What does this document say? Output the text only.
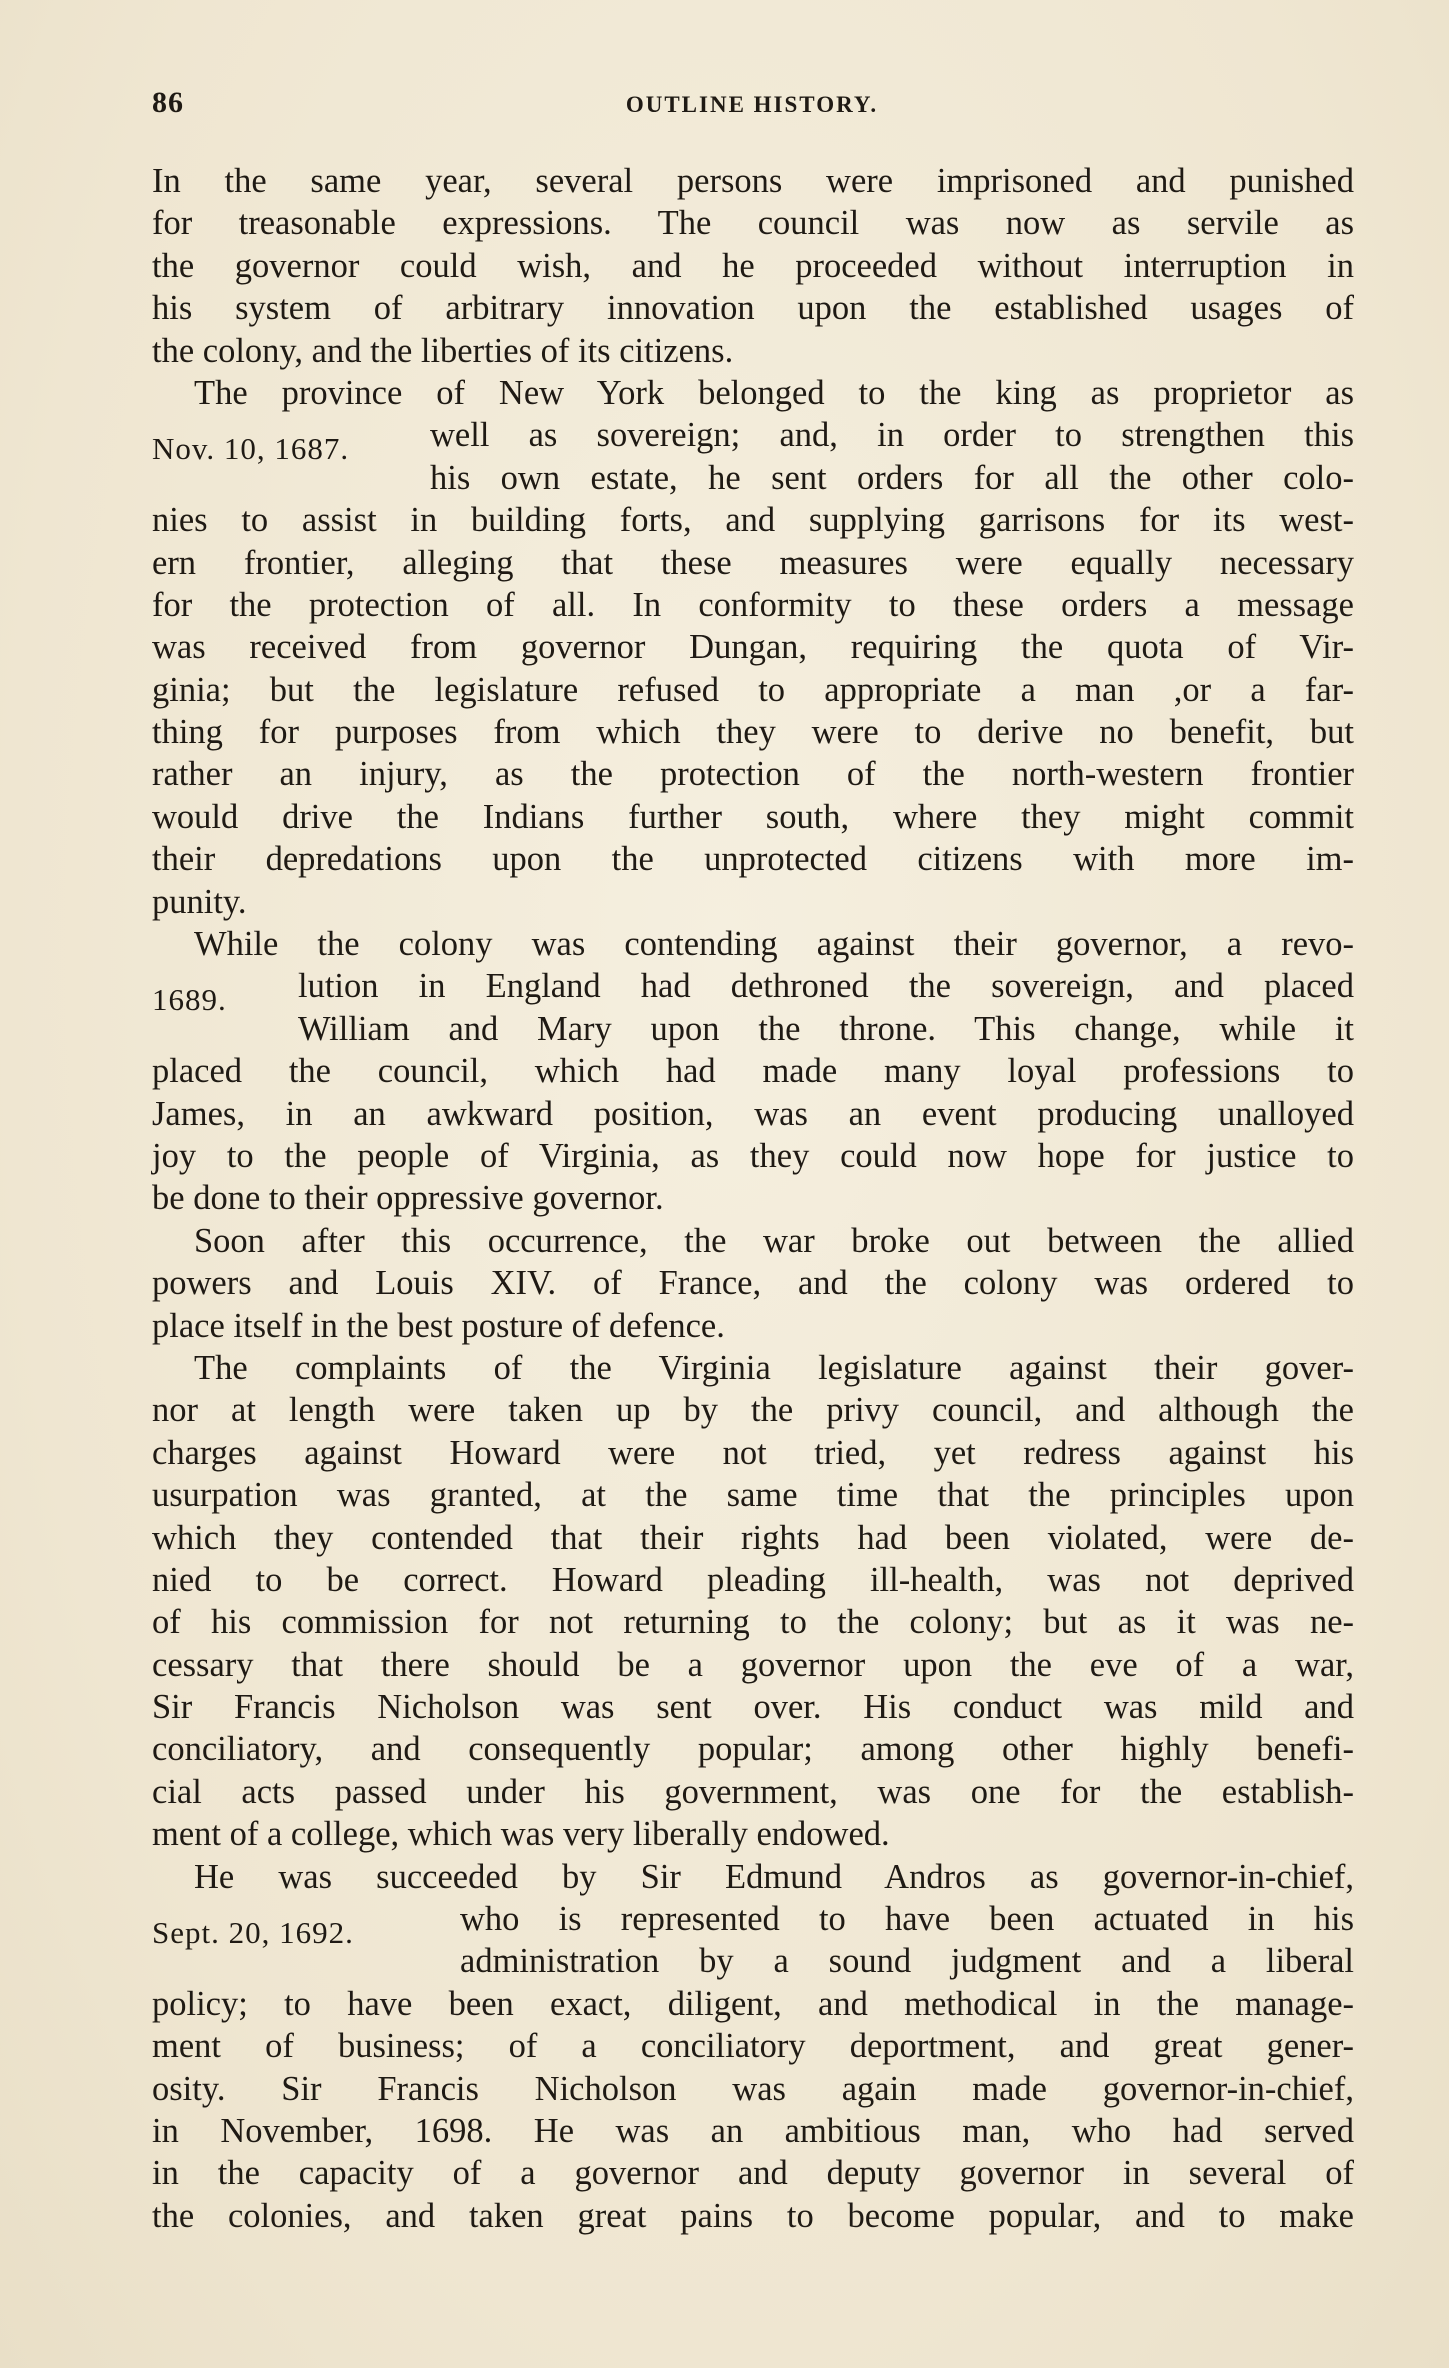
86	OUTLINE HISTORY.
In the same year, several persons were imprisoned and punished
for treasonable expressions. The council was now as servile as
the governor could wish, and he proceeded without interruption in
his system of arbitrary innovation upon the established usages of
the colony, and the liberties of its citizens.
The province of New York belonged to the king as proprietor as
Nov. 10, 1687. well as sovereign; and, in order to strengthen this
his own estate, he sent orders for all the other colo-
nies to assist in building forts, and supplying garrisons for its west-
ern frontier, alleging that these measures were equally necessary
for the protection of all. In conformity to these orders a message
was received from governor Dungan, requiring the quota of Vir-
ginia; but the legislature refused to appropriate a man ,or a far-
thing for purposes from which they were to derive no benefit, but
rather an injury, as the protection of the north-western frontier
would drive the Indians further south, where they might commit
their depredations upon the unprotected citizens with more im-
punity.
While the colony was contending against their governor, a revo-
1689. lution in England had dethroned the sovereign, and placed
William and Mary upon the throne. This change, while it
placed the council, which had made many loyal professions to
James, in an awkward position, was an event producing unalloyed
joy to the people of Virginia, as they could now hope for justice to
be done to their oppressive governor.
Soon after this occurrence, the war broke out between the allied
powers and Louis XIV. of France, and the colony was ordered to
place itself in the best posture of defence.
The complaints of the Virginia legislature against their gover-
nor at length were taken up by the privy council, and although the
charges against Howard were not tried, yet redress against his
usurpation was granted, at the same time that the principles upon
which they contended that their rights had been violated, were de-
nied to be correct. Howard pleading ill-health, was not deprived
of his commission for not returning to the colony; but as it was ne-
cessary that there should be a governor upon the eve of a war,
Sir Francis Nicholson was sent over. His conduct was mild and
conciliatory, and consequently popular; among other highly benefi-
cial acts passed under his government, was one for the establish-
ment of a college, which was very liberally endowed.
He was succeeded by Sir Edmund Andros as governor-in-chief,
Sept. 20, 1692.	who is represented to have been actuated in his
administration by a sound judgment and a liberal
policy; to have been exact, diligent, and methodical in the manage-
ment of business; of a conciliatory deportment, and great gener-
osity. Sir Francis Nicholson was again made governor-in-chief,
in November, 1698. He was an ambitious man, who had served
in the capacity of a governor and deputy governor in several of
the colonies, and taken great pains to become popular, and to make
